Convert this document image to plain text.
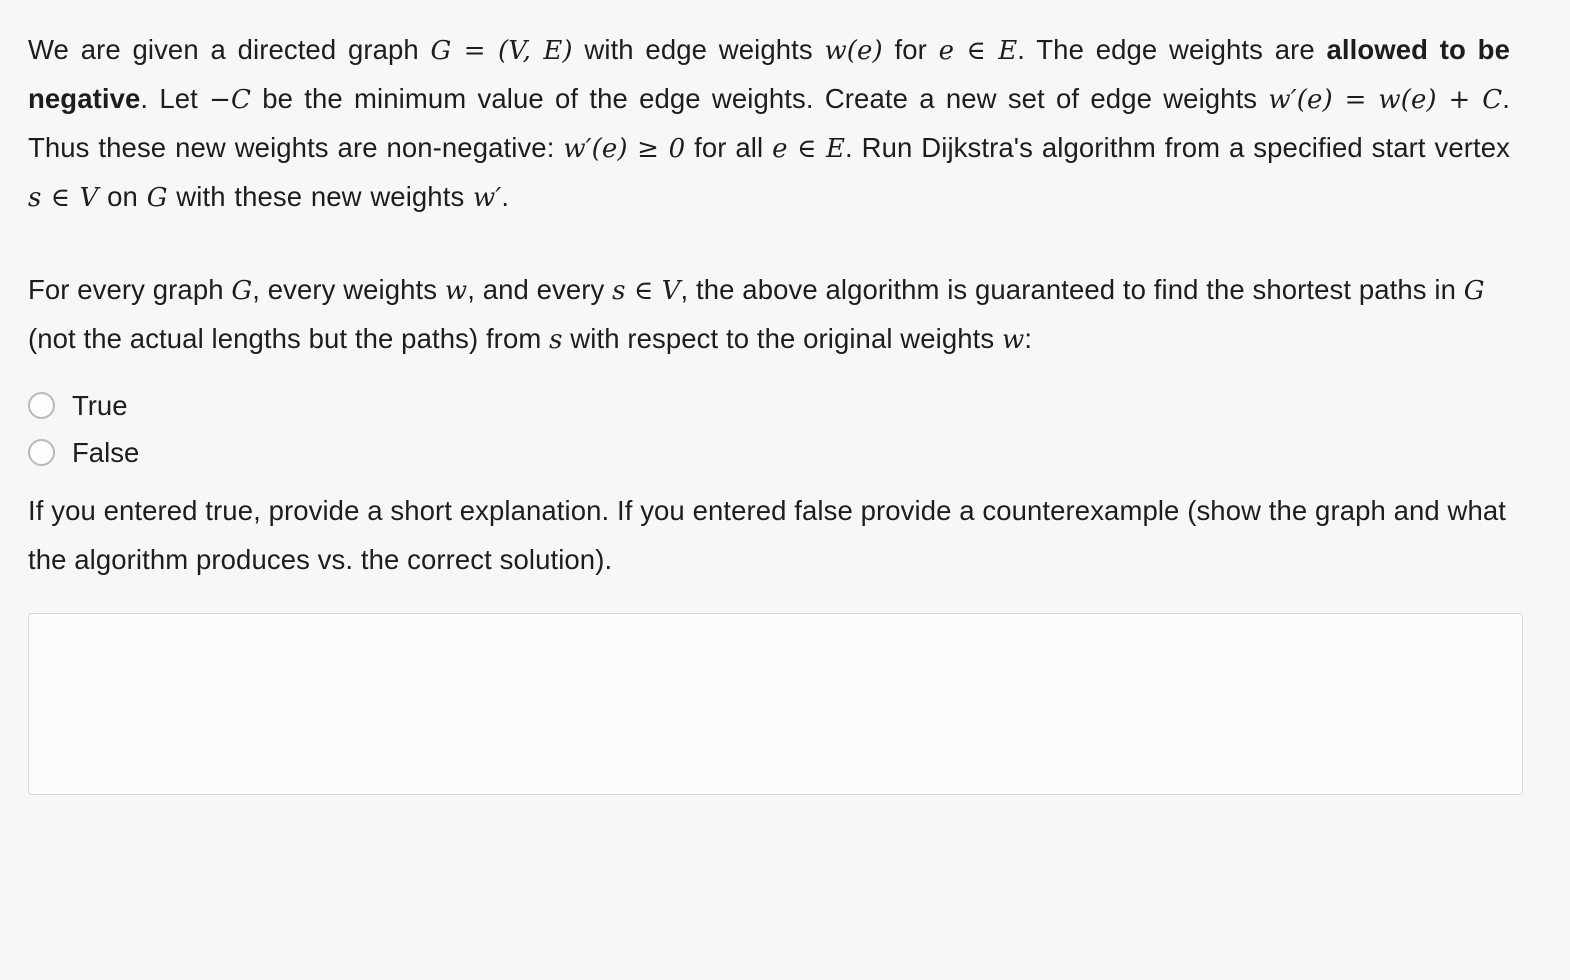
We are given a directed graph G = (V, E) with edge weights w(e) for e ∈ E. The edge weights are allowed to be negative. Let −C be the minimum value of the edge weights. Create a new set of edge weights w′(e) = w(e) + C. Thus these new weights are non-negative: w′(e) ≥ 0 for all e ∈ E. Run Dijkstra's algorithm from a specified start vertex s ∈ V on G with these new weights w′.

For every graph G, every weights w, and every s ∈ V, the above algorithm is guaranteed to find the shortest paths in G (not the actual lengths but the paths) from s with respect to the original weights w:

True
False

If you entered true, provide a short explanation. If you entered false provide a counterexample (show the graph and what the algorithm produces vs. the correct solution).
